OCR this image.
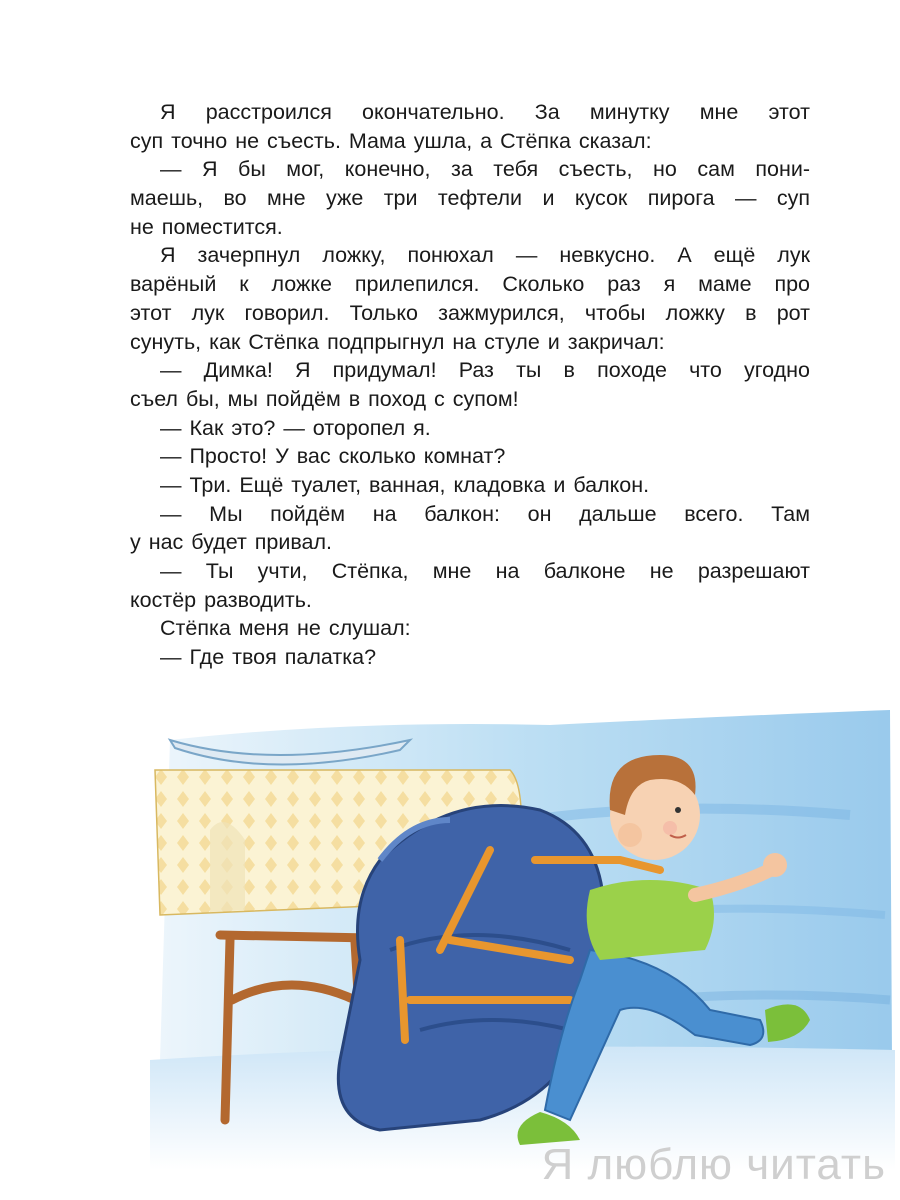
Я расстроился окончательно. За минутку мне этот
суп точно не съесть. Мама ушла, а Стёпка сказал:
— Я бы мог, конечно, за тебя съесть, но сам пони-
маешь, во мне уже три тефтели и кусок пирога — суп
не поместится.
Я зачерпнул ложку, понюхал — невкусно. А ещё лук
варёный к ложке прилепился. Сколько раз я маме про
этот лук говорил. Только зажмурился, чтобы ложку в рот
сунуть, как Стёпка подпрыгнул на стуле и закричал:
— Димка! Я придумал! Раз ты в походе что угодно
съел бы, мы пойдём в поход с супом!
— Как это? — оторопел я.
— Просто! У вас сколько комнат?
— Три. Ещё туалет, ванная, кладовка и балкон.
— Мы пойдём на балкон: он дальше всего. Там
у нас будет привал.
— Ты учти, Стёпка, мне на балконе не разрешают
костёр разводить.
Стёпка меня не слушал:
— Где твоя палатка?
Я люблю читать
